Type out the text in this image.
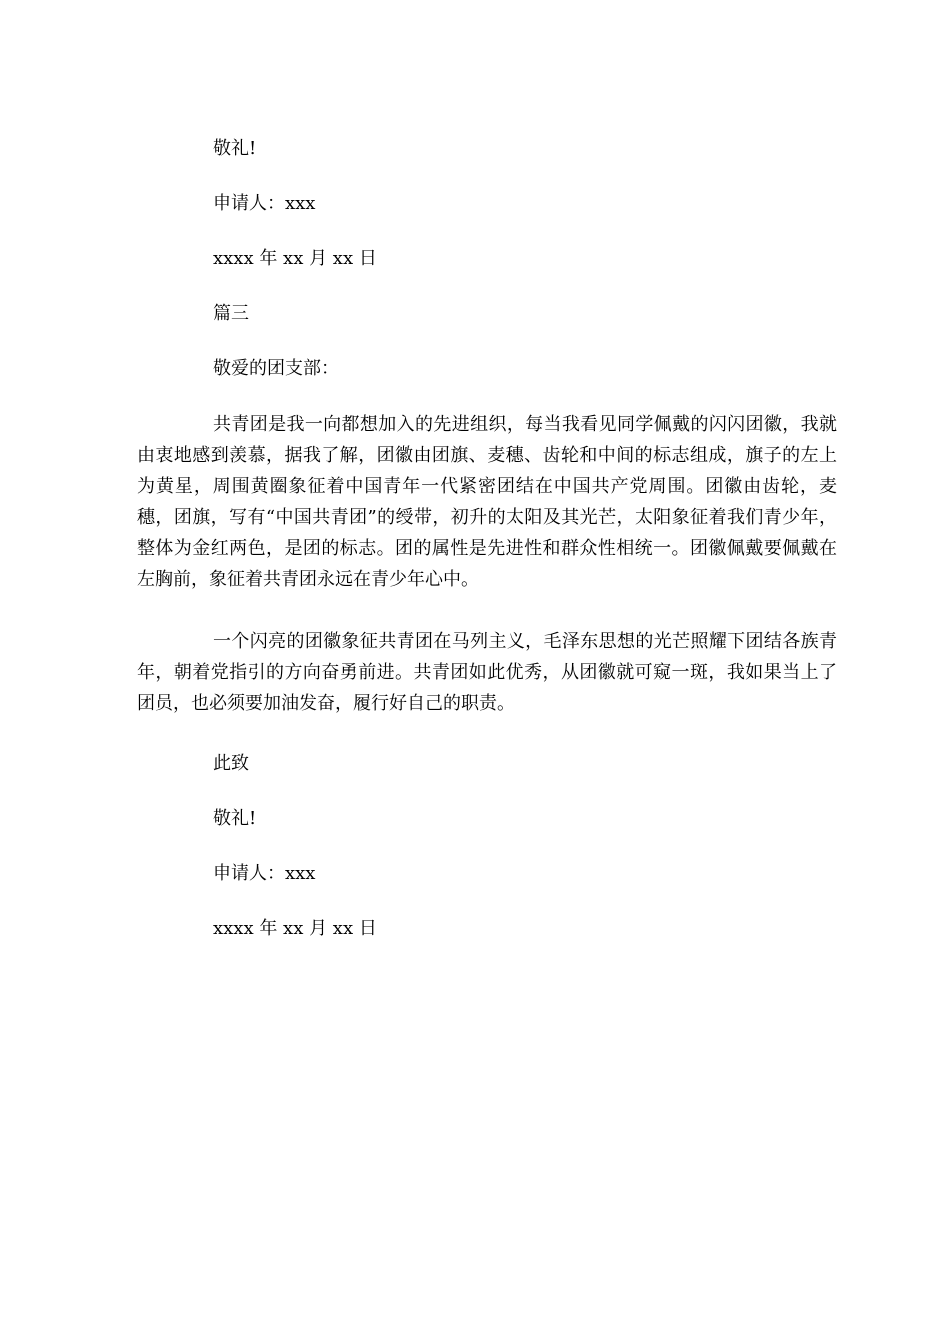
敬礼!
申请人：xxx
xxxx 年 xx 月 xx 日
篇三
敬爱的团支部：

共青团是我一向都想加入的先进组织，每当我看见同学佩戴的闪闪团徽，我就由衷地感到羡慕，据我了解，团徽由团旗、麦穗、齿轮和中间的标志组成，旗子的左上为黄星，周围黄圈象征着中国青年一代紧密团结在中国共产党周围。团徽由齿轮，麦穗，团旗，写有“中国共青团”的绶带，初升的太阳及其光芒，太阳象征着我们青少年，整体为金红两色，是团的标志。团的属性是先进性和群众性相统一。团徽佩戴要佩戴在左胸前，象征着共青团永远在青少年心中。

一个闪亮的团徽象征共青团在马列主义，毛泽东思想的光芒照耀下团结各族青年，朝着党指引的方向奋勇前进。共青团如此优秀，从团徽就可窥一斑，我如果当上了团员，也必须要加油发奋，履行好自己的职责。

此致
敬礼!
申请人：xxx
xxxx 年 xx 月 xx 日
